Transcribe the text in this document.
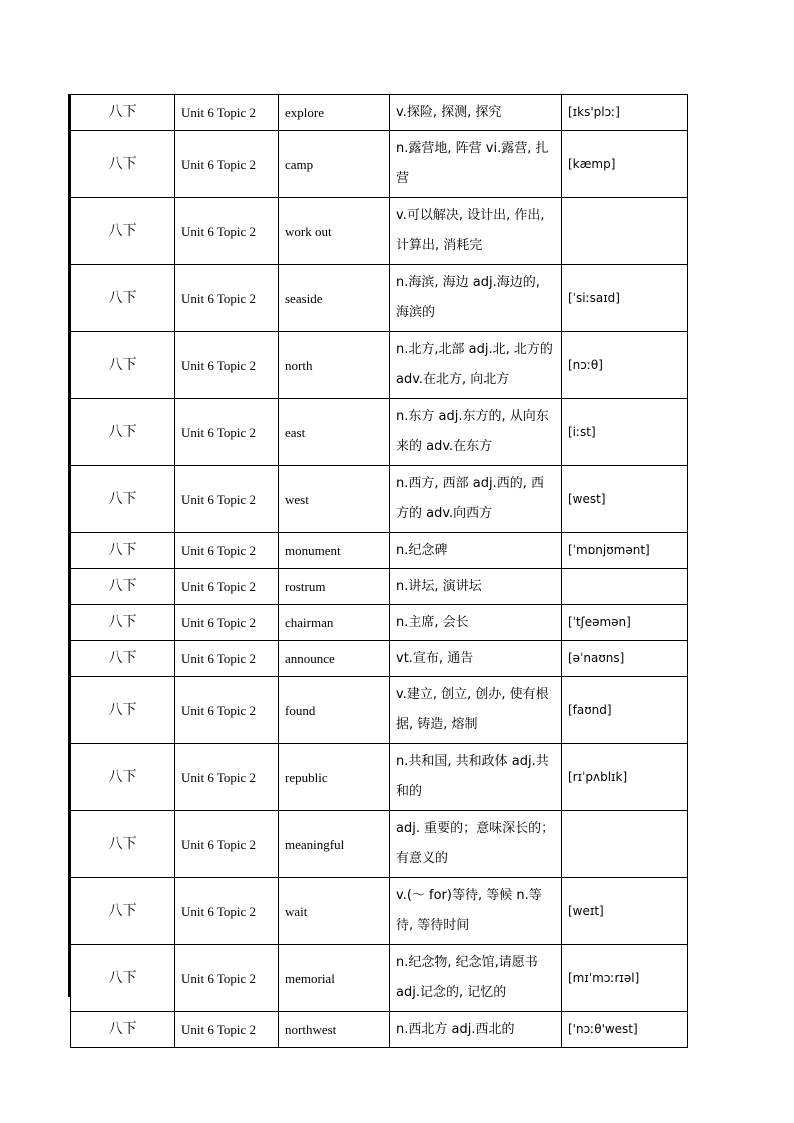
八下	Unit 6 Topic 2	explore	v.探险, 探测, 探究	[ɪks'plɔː]
八下	Unit 6 Topic 2	camp	n.露营地, 阵营 vi.露营, 扎营	[kæmp]
八下	Unit 6 Topic 2	work out	v.可以解决, 设计出, 作出, 计算出, 消耗完	
八下	Unit 6 Topic 2	seaside	n.海滨, 海边 adj.海边的, 海滨的	[ˈsiːsaɪd]
八下	Unit 6 Topic 2	north	n.北方,北部 adj.北, 北方的 adv.在北方, 向北方	[nɔːθ]
八下	Unit 6 Topic 2	east	n.东方 adj.东方的, 从向东来的 adv.在东方	[iːst]
八下	Unit 6 Topic 2	west	n.西方, 西部 adj.西的, 西方的 adv.向西方	[west]
八下	Unit 6 Topic 2	monument	n.纪念碑	[ˈmɒnjʊmənt]
八下	Unit 6 Topic 2	rostrum	n.讲坛, 演讲坛	
八下	Unit 6 Topic 2	chairman	n.主席, 会长	[ˈtʃeəmən]
八下	Unit 6 Topic 2	announce	vt.宣布, 通告	[əˈnaʊns]
八下	Unit 6 Topic 2	found	v.建立, 创立, 创办, 使有根据, 铸造, 熔制	[faʊnd]
八下	Unit 6 Topic 2	republic	n.共和国, 共和政体 adj.共和的	[rɪˈpʌblɪk]
八下	Unit 6 Topic 2	meaningful	adj. 重要的；意味深长的；有意义的	
八下	Unit 6 Topic 2	wait	v.(～ for)等待, 等候 n.等待, 等待时间	[weɪt]
八下	Unit 6 Topic 2	memorial	n.纪念物, 纪念馆,请愿书 adj.记念的, 记忆的	[mɪˈmɔːrɪəl]
八下	Unit 6 Topic 2	northwest	n.西北方 adj.西北的	['nɔːθ'west]
